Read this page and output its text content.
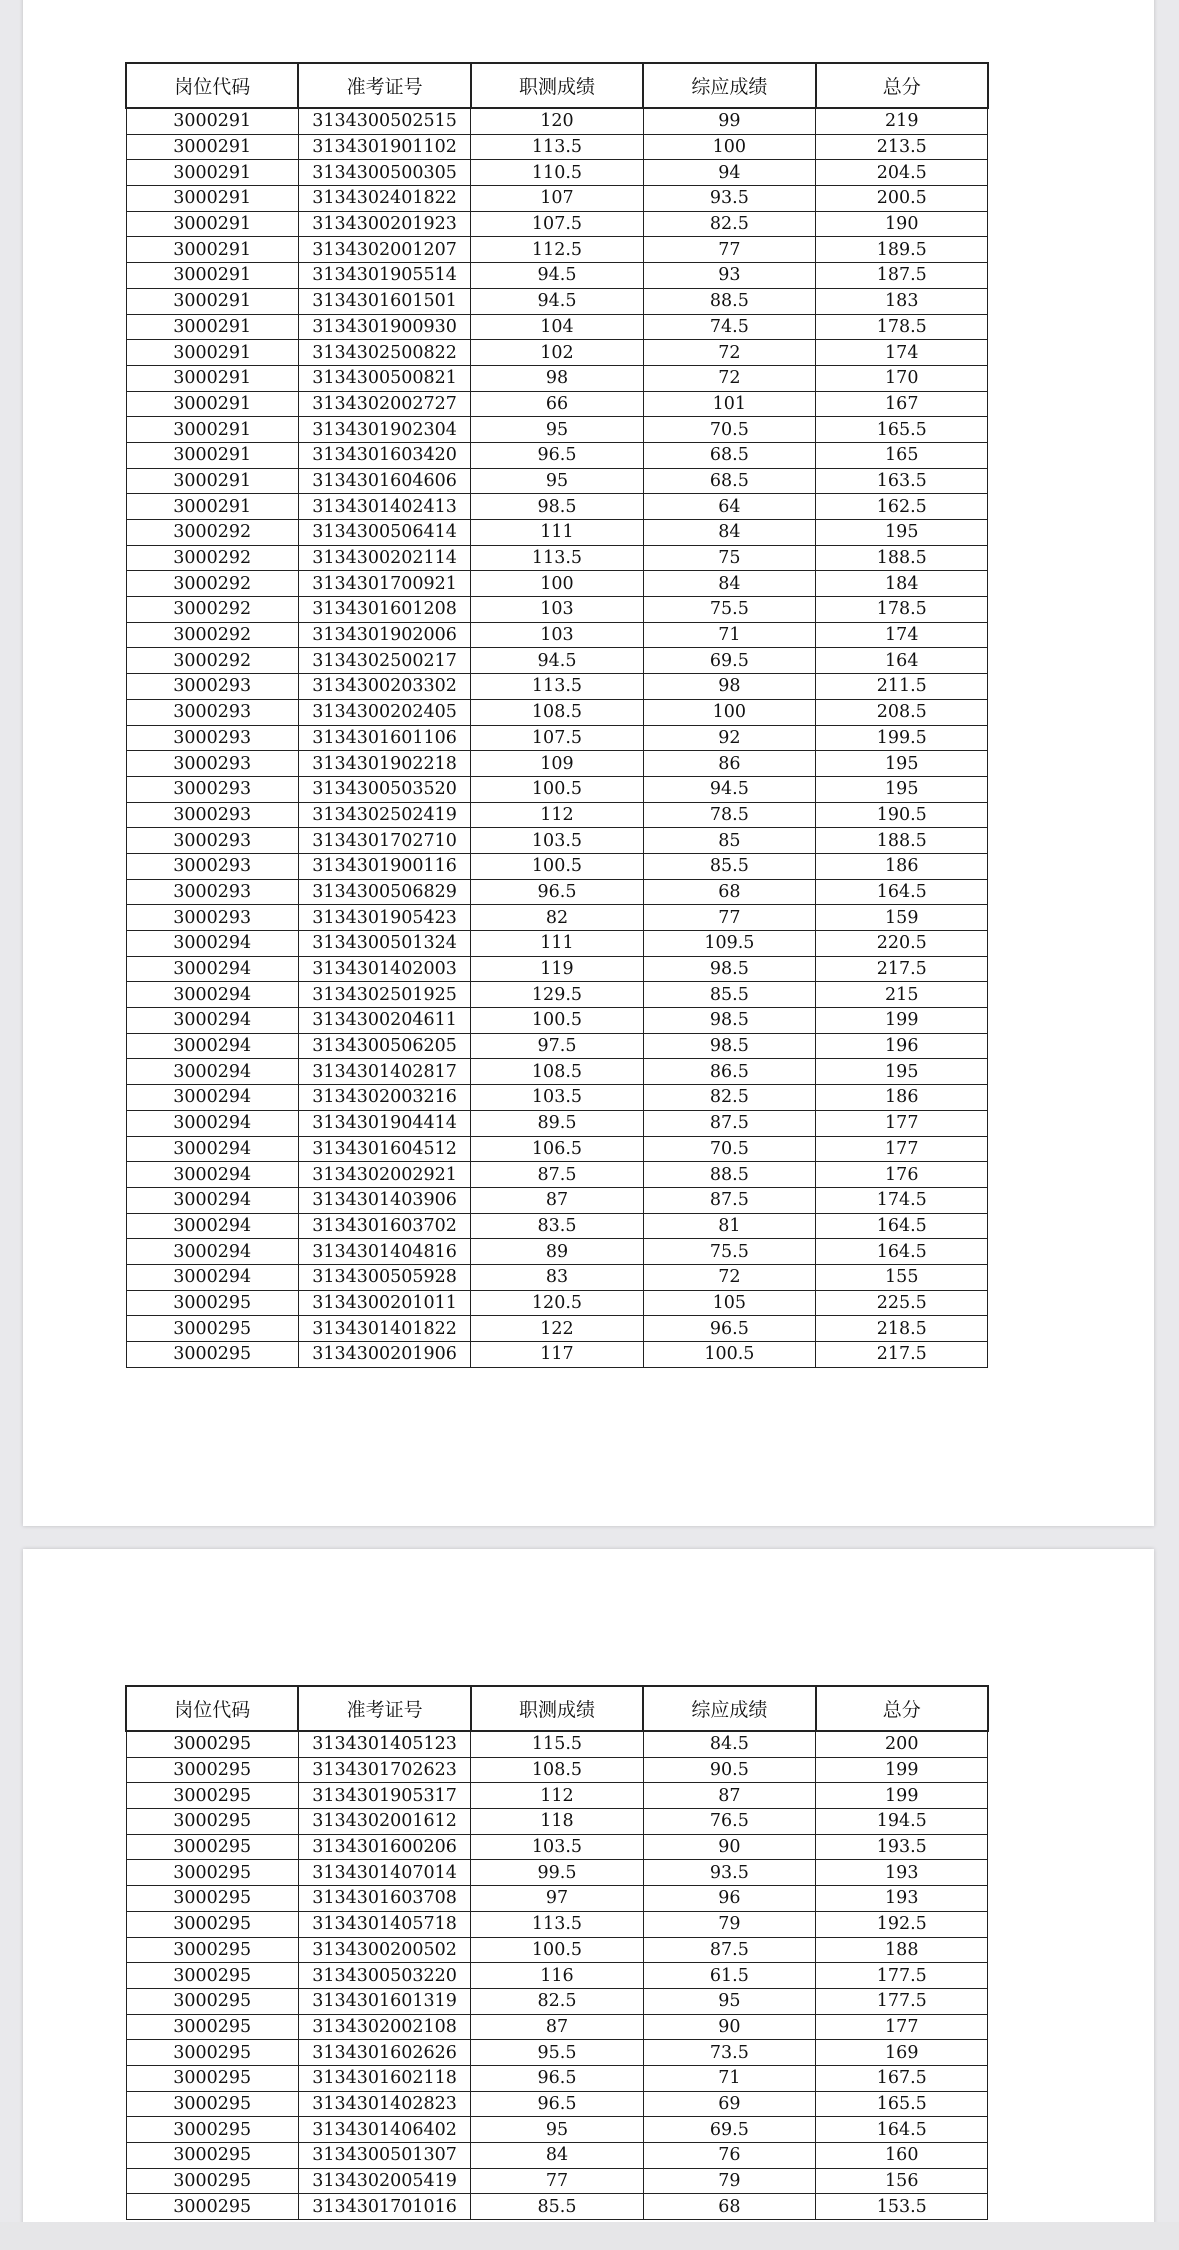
岗位代码	准考证号	职测成绩	综应成绩	总分
3000291	3134300502515	120	99	219
3000291	3134301901102	113.5	100	213.5
3000291	3134300500305	110.5	94	204.5
3000291	3134302401822	107	93.5	200.5
3000291	3134300201923	107.5	82.5	190
3000291	3134302001207	112.5	77	189.5
3000291	3134301905514	94.5	93	187.5
3000291	3134301601501	94.5	88.5	183
3000291	3134301900930	104	74.5	178.5
3000291	3134302500822	102	72	174
3000291	3134300500821	98	72	170
3000291	3134302002727	66	101	167
3000291	3134301902304	95	70.5	165.5
3000291	3134301603420	96.5	68.5	165
3000291	3134301604606	95	68.5	163.5
3000291	3134301402413	98.5	64	162.5
3000292	3134300506414	111	84	195
3000292	3134300202114	113.5	75	188.5
3000292	3134301700921	100	84	184
3000292	3134301601208	103	75.5	178.5
3000292	3134301902006	103	71	174
3000292	3134302500217	94.5	69.5	164
3000293	3134300203302	113.5	98	211.5
3000293	3134300202405	108.5	100	208.5
3000293	3134301601106	107.5	92	199.5
3000293	3134301902218	109	86	195
3000293	3134300503520	100.5	94.5	195
3000293	3134302502419	112	78.5	190.5
3000293	3134301702710	103.5	85	188.5
3000293	3134301900116	100.5	85.5	186
3000293	3134300506829	96.5	68	164.5
3000293	3134301905423	82	77	159
3000294	3134300501324	111	109.5	220.5
3000294	3134301402003	119	98.5	217.5
3000294	3134302501925	129.5	85.5	215
3000294	3134300204611	100.5	98.5	199
3000294	3134300506205	97.5	98.5	196
3000294	3134301402817	108.5	86.5	195
3000294	3134302003216	103.5	82.5	186
3000294	3134301904414	89.5	87.5	177
3000294	3134301604512	106.5	70.5	177
3000294	3134302002921	87.5	88.5	176
3000294	3134301403906	87	87.5	174.5
3000294	3134301603702	83.5	81	164.5
3000294	3134301404816	89	75.5	164.5
3000294	3134300505928	83	72	155
3000295	3134300201011	120.5	105	225.5
3000295	3134301401822	122	96.5	218.5
3000295	3134300201906	117	100.5	217.5
岗位代码	准考证号	职测成绩	综应成绩	总分
3000295	3134301405123	115.5	84.5	200
3000295	3134301702623	108.5	90.5	199
3000295	3134301905317	112	87	199
3000295	3134302001612	118	76.5	194.5
3000295	3134301600206	103.5	90	193.5
3000295	3134301407014	99.5	93.5	193
3000295	3134301603708	97	96	193
3000295	3134301405718	113.5	79	192.5
3000295	3134300200502	100.5	87.5	188
3000295	3134300503220	116	61.5	177.5
3000295	3134301601319	82.5	95	177.5
3000295	3134302002108	87	90	177
3000295	3134301602626	95.5	73.5	169
3000295	3134301602118	96.5	71	167.5
3000295	3134301402823	96.5	69	165.5
3000295	3134301406402	95	69.5	164.5
3000295	3134300501307	84	76	160
3000295	3134302005419	77	79	156
3000295	3134301701016	85.5	68	153.5
